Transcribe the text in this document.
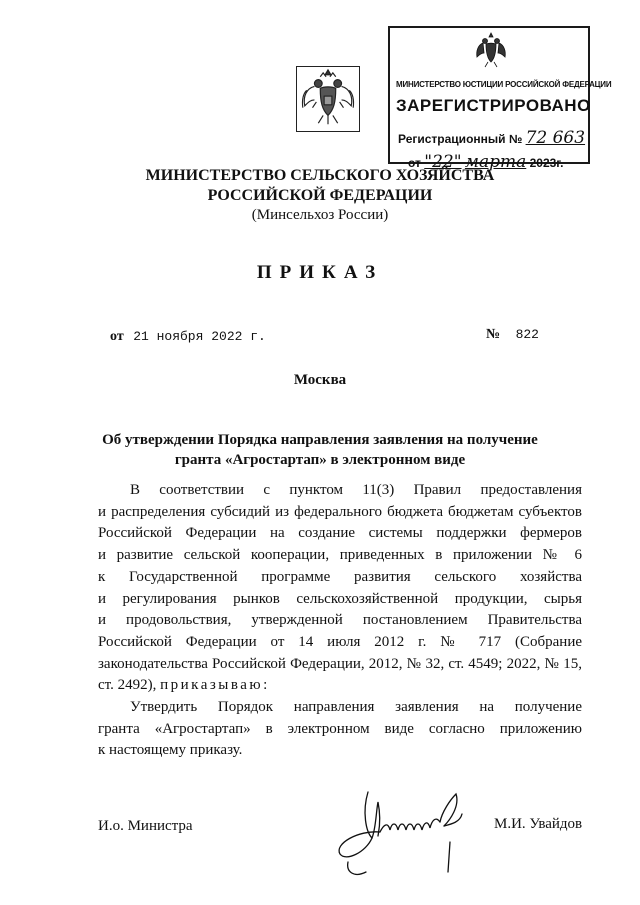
МИНИСТЕРСТВО ЮСТИЦИИ РОССИЙСКОЙ ФЕДЕРАЦИИ
ЗАРЕГИСТРИРОВАНО
Регистрационный № 72 663
от "22" марта 2023г.
МИНИСТЕРСТВО СЕЛЬСКОГО ХОЗЯЙСТВА
РОССИЙСКОЙ ФЕДЕРАЦИИ
(Минсельхоз России)
ПРИКАЗ
от 21 ноября 2022 г.	№ 822
Москва
Об утверждении Порядка направления заявления на получение
гранта «Агростартап» в электронном виде
В соответствии с пунктом 11(3) Правил предоставления
и распределения субсидий из федерального бюджета бюджетам субъектов
Российской Федерации на создание системы поддержки фермеров
и развитие сельской кооперации, приведенных в приложении № 6
к Государственной программе развития сельского хозяйства
и регулирования рынков сельскохозяйственной продукции, сырья
и продовольствия, утвержденной постановлением Правительства
Российской Федерации от 14 июля 2012 г. № 717 (Собрание
законодательства Российской Федерации, 2012, № 32, ст. 4549; 2022, № 15,
ст. 2492), приказываю:
Утвердить Порядок направления заявления на получение
гранта «Агростартап» в электронном виде согласно приложению
к настоящему приказу.
И.о. Министра	М.И. Увайдов
